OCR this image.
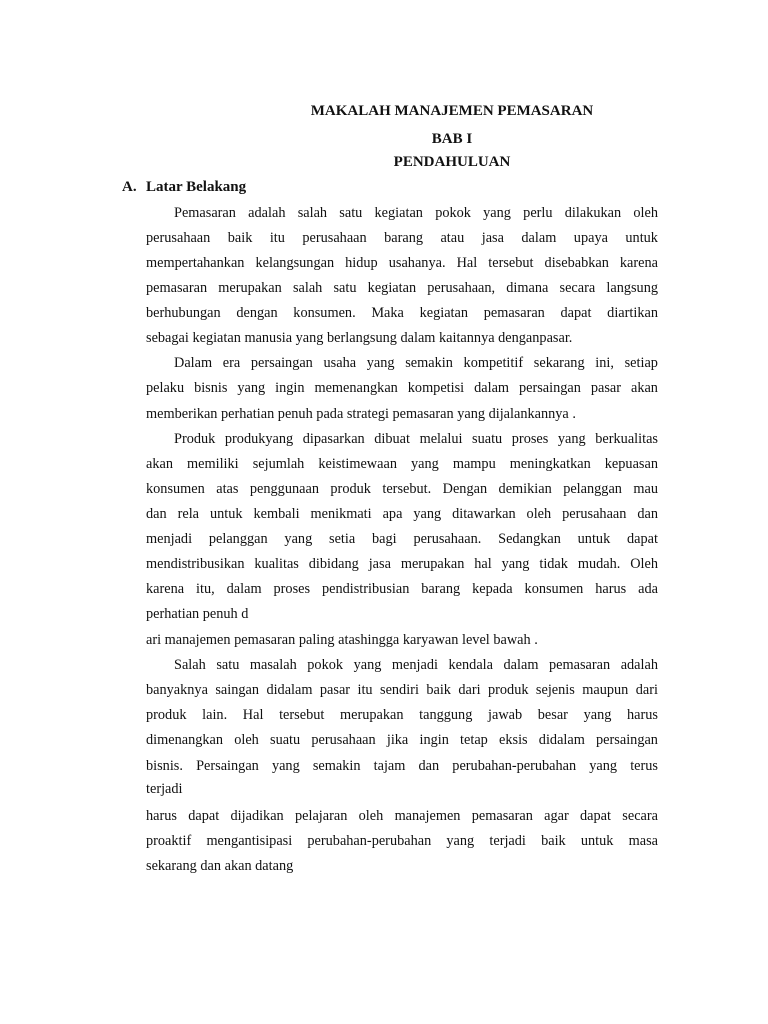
MAKALAH MANAJEMEN PEMASARAN
BAB I
PENDAHULUAN
A. Latar Belakang
Pemasaran adalah salah satu kegiatan pokok yang perlu dilakukan oleh
perusahaan baik itu perusahaan barang atau jasa dalam upaya untuk
mempertahankan kelangsungan hidup usahanya. Hal tersebut disebabkan karena
pemasaran merupakan salah satu kegiatan perusahaan, dimana secara langsung
berhubungan dengan konsumen. Maka kegiatan pemasaran dapat diartikan
sebagai kegiatan manusia yang berlangsung dalam kaitannya denganpasar.
Dalam era persaingan usaha yang semakin kompetitif sekarang ini, setiap
pelaku bisnis yang ingin memenangkan kompetisi dalam persaingan pasar akan
memberikan perhatian penuh pada strategi pemasaran yang dijalankannya .
Produk produkyang dipasarkan dibuat melalui suatu proses yang berkualitas
akan memiliki sejumlah keistimewaan yang mampu meningkatkan kepuasan
konsumen atas penggunaan produk tersebut. Dengan demikian pelanggan mau
dan rela untuk kembali menikmati apa yang ditawarkan oleh perusahaan dan
menjadi pelanggan yang setia bagi perusahaan. Sedangkan untuk dapat
mendistribusikan kualitas dibidang jasa merupakan hal yang tidak mudah. Oleh
karena itu, dalam proses pendistribusian barang kepada konsumen harus ada
perhatian penuh d
ari manajemen pemasaran paling atashingga karyawan level bawah .
Salah satu masalah pokok yang menjadi kendala dalam pemasaran adalah
banyaknya saingan didalam pasar itu sendiri baik dari produk sejenis maupun dari
produk lain. Hal tersebut merupakan tanggung jawab besar yang harus
dimenangkan oleh suatu perusahaan jika ingin tetap eksis didalam persaingan
bisnis. Persaingan yang semakin tajam dan perubahan-perubahan yang terus
terjadi
harus dapat dijadikan pelajaran oleh manajemen pemasaran agar dapat secara
proaktif mengantisipasi perubahan-perubahan yang terjadi baik untuk masa
sekarang dan akan datang
